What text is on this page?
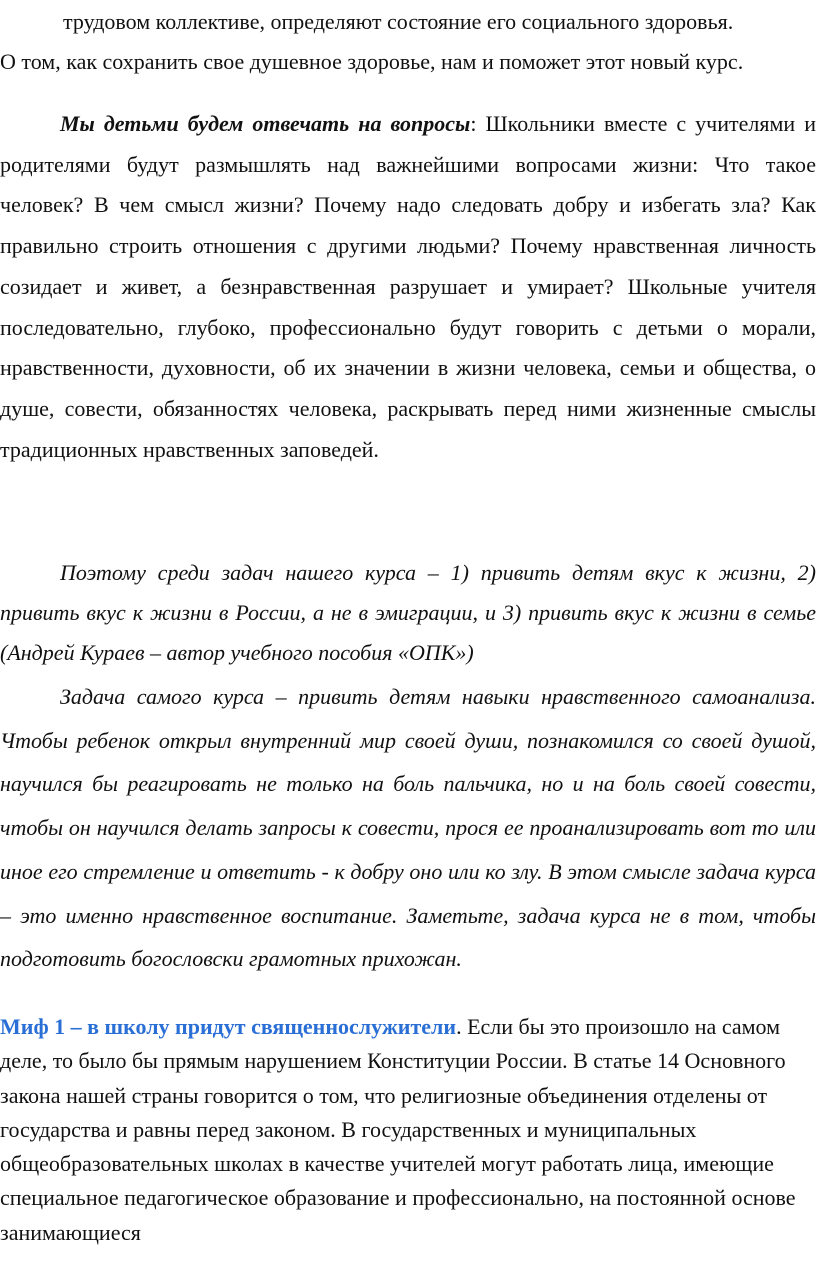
трудовом коллективе, определяют состояние его социального здоровья.
О том, как сохранить свое душевное здоровье, нам и поможет этот новый курс.

Мы детьми будем отвечать на вопросы: Школьники вместе с учителями и родителями будут размышлять над важнейшими вопросами жизни: Что такое человек? В чем смысл жизни? Почему надо следовать добру и избегать зла? Как правильно строить отношения с другими людьми? Почему нравственная личность созидает и живет, а безнравственная разрушает и умирает? Школьные учителя последовательно, глубоко, профессионально будут говорить с детьми о морали, нравственности, духовности, об их значении в жизни человека, семьи и общества, о душе, совести, обязанностях человека, раскрывать перед ними жизненные смыслы традиционных нравственных заповедей.

Поэтому среди задач нашего курса – 1) привить детям вкус к жизни, 2) привить вкус к жизни в России, а не в эмиграции, и 3) привить вкус к жизни в семье (Андрей Кураев – автор учебного пособия «ОПК»)

Задача самого курса – привить детям навыки нравственного самоанализа. Чтобы ребенок открыл внутренний мир своей души, познакомился со своей душой, научился бы реагировать не только на боль пальчика, но и на боль своей совести, чтобы он научился делать запросы к совести, прося ее проанализировать вот то или иное его стремление и ответить - к добру оно или ко злу. В этом смысле задача курса – это именно нравственное воспитание. Заметьте, задача курса не в том, чтобы подготовить богословски грамотных прихожан.

Миф 1 – в школу придут священнослужители. Если бы это произошло на самом деле, то было бы прямым нарушением Конституции России. В статье 14 Основного закона нашей страны говорится о том, что религиозные объединения отделены от государства и равны перед законом. В государственных и муниципальных общеобразовательных школах в качестве учителей могут работать лица, имеющие специальное педагогическое образование и профессионально, на постоянной основе занимающиеся
